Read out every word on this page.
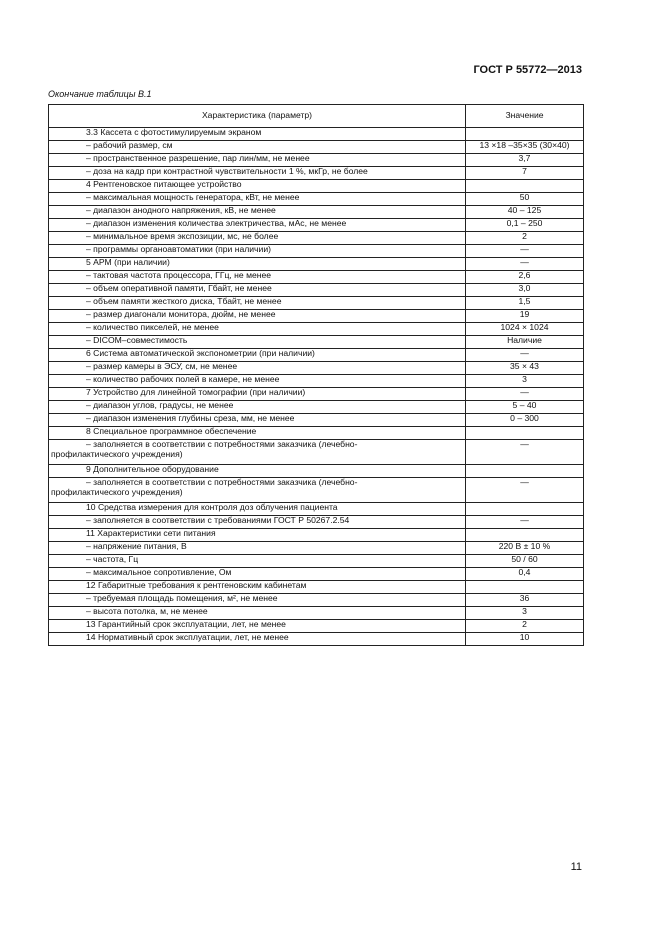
ГОСТ Р 55772—2013
Окончание таблицы В.1
Характеристика (параметр)	Значение
3.3 Кассета с фотостимулируемым экраном	
– рабочий размер, см	13 ×18 –35×35 (30×40)
– пространственное разрешение, пар лин/мм, не менее	3,7
– доза на кадр при контрастной чувствительности 1 %, мкГр, не более	7
4 Рентгеновское питающее устройство	
– максимальная мощность генератора, кВт, не менее	50
– диапазон анодного напряжения, кВ, не менее	40 – 125
– диапазон изменения количества электричества, мАс, не менее	0,1 – 250
– минимальное время экспозиции, мс, не более	2
– программы органоавтоматики (при наличии)	—
5 АРМ (при наличии)	—
– тактовая частота процессора, ГГц, не менее	2,6
– объем оперативной памяти, Гбайт, не менее	3,0
– объем памяти жесткого диска, Тбайт, не менее	1,5
– размер диагонали монитора, дюйм, не менее	19
– количество пикселей, не менее	1024 × 1024
– DICOM–совместимость	Наличие
6 Система автоматической экспонометрии (при наличии)	—
– размер камеры в ЭСУ, см, не менее	35 × 43
– количество рабочих полей в камере, не менее	3
7 Устройство для линейной томографии (при наличии)	—
– диапазон углов, градусы, не менее	5 – 40
– диапазон изменения глубины среза, мм, не менее	0 – 300
8 Специальное программное обеспечение	
– заполняется в соответствии с потребностями заказчика (лечебно-
профилактического учреждения)	—
9 Дополнительное оборудование	
– заполняется в соответствии с потребностями заказчика (лечебно-
профилактического учреждения)	—
10 Средства измерения для контроля доз облучения пациента	
– заполняется в соответствии с требованиями ГОСТ Р 50267.2.54	—
11 Характеристики сети питания	
– напряжение питания, В	220 В ± 10 %
– частота, Гц	50 / 60
– максимальное сопротивление, Ом	0,4
12 Габаритные требования к рентгеновским кабинетам	
– требуемая площадь помещения, м², не менее	36
– высота потолка, м, не менее	3
13 Гарантийный срок эксплуатации, лет, не менее	2
14 Нормативный срок эксплуатации, лет, не менее	10
11
